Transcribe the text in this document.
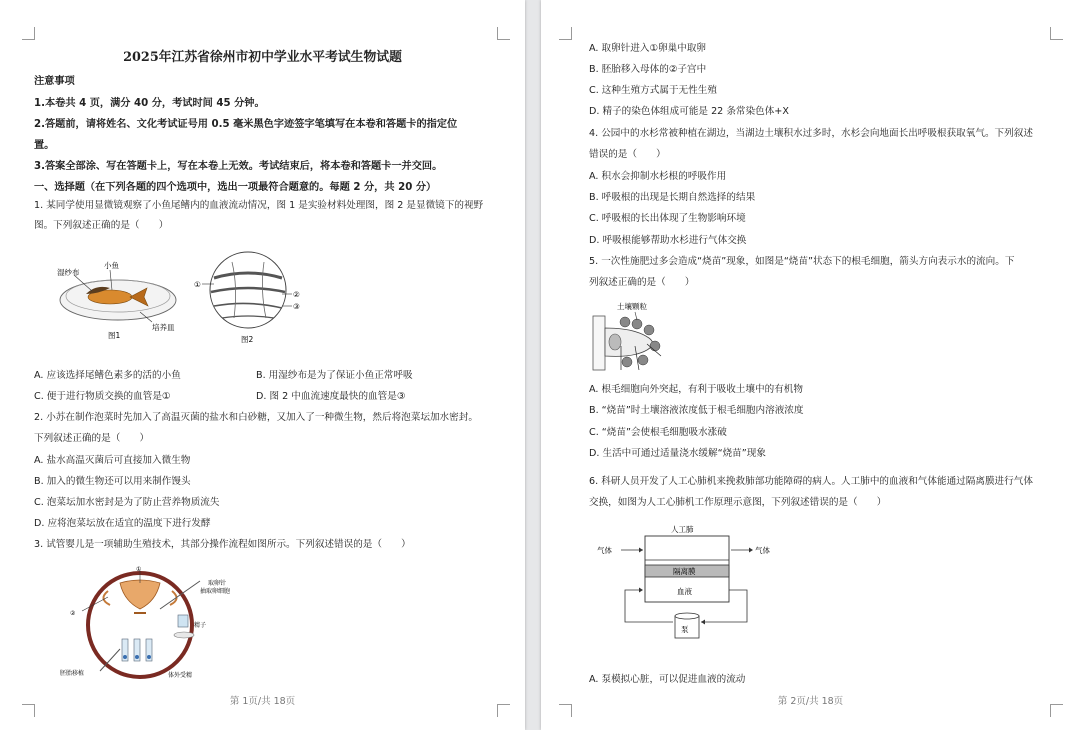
2025年江苏省徐州市初中学业水平考试生物试题
注意事项
1.本卷共 4 页，满分 40 分，考试时间 45 分钟。
2.答题前，请将姓名、文化考试证号用 0.5 毫米黑色字迹签字笔填写在本卷和答题卡的指定位
置。
3.答案全部涂、写在答题卡上，写在本卷上无效。考试结束后，将本卷和答题卡一并交回。
一、选择题（在下列各题的四个选项中，选出一项最符合题意的。每题 2 分，共 20 分）
1. 某同学使用显微镜观察了小鱼尾鳍内的血液流动情况，图 1 是实验材料处理图，图 2 是显微镜下的视野
图。下列叙述正确的是（　　）
湿纱布
小鱼
培养皿
图1
①
②
③
图2
A. 应该选择尾鳍色素多的活的小鱼	B. 用湿纱布是为了保证小鱼正常呼吸
C. 便于进行物质交换的血管是①	D. 图 2 中血流速度最快的血管是③
2. 小苏在制作泡菜时先加入了高温灭菌的盐水和白砂糖，又加入了一种微生物，然后将泡菜坛加水密封。
下列叙述正确的是（　　）
A. 盐水高温灭菌后可直接加入微生物
B. 加入的微生物还可以用来制作馒头
C. 泡菜坛加水密封是为了防止营养物质流失
D. 应将泡菜坛放在适宜的温度下进行发酵
3. 试管婴儿是一项辅助生殖技术，其部分操作流程如图所示。下列叙述错误的是（　　）
①
②
取卵针
抽取卵细胞
精子
胚胎移植	体外受精
第 1页/共 18页
A. 取卵针进入①卵巢中取卵
B. 胚胎移入母体的②子宫中
C. 这种生殖方式属于无性生殖
D. 精子的染色体组成可能是 22 条常染色体+X
4. 公园中的水杉常被种植在湖边，当湖边土壤积水过多时，水杉会向地面长出呼吸根获取氧气。下列叙述
错误的是（　　）
A. 积水会抑制水杉根的呼吸作用
B. 呼吸根的出现是长期自然选择的结果
C. 呼吸根的长出体现了生物影响环境
D. 呼吸根能够帮助水杉进行气体交换
5. 一次性施肥过多会造成“烧苗”现象，如图是“烧苗”状态下的根毛细胞，箭头方向表示水的流向。下
列叙述正确的是（　　）
土壤颗粒
A. 根毛细胞向外突起，有利于吸收土壤中的有机物
B. “烧苗”时土壤溶液浓度低于根毛细胞内溶液浓度
C. “烧苗”会使根毛细胞吸水涨破
D. 生活中可通过适量浇水缓解“烧苗”现象
6. 科研人员开发了人工心肺机来挽救肺部功能障碍的病人。人工肺中的血液和气体能通过隔离膜进行气体
交换，如图为人工心肺机工作原理示意图，下列叙述错误的是（　　）
人工肺
气体	气体
隔离膜
血液
泵
A. 泵模拟心脏，可以促进血液的流动
第 2页/共 18页
